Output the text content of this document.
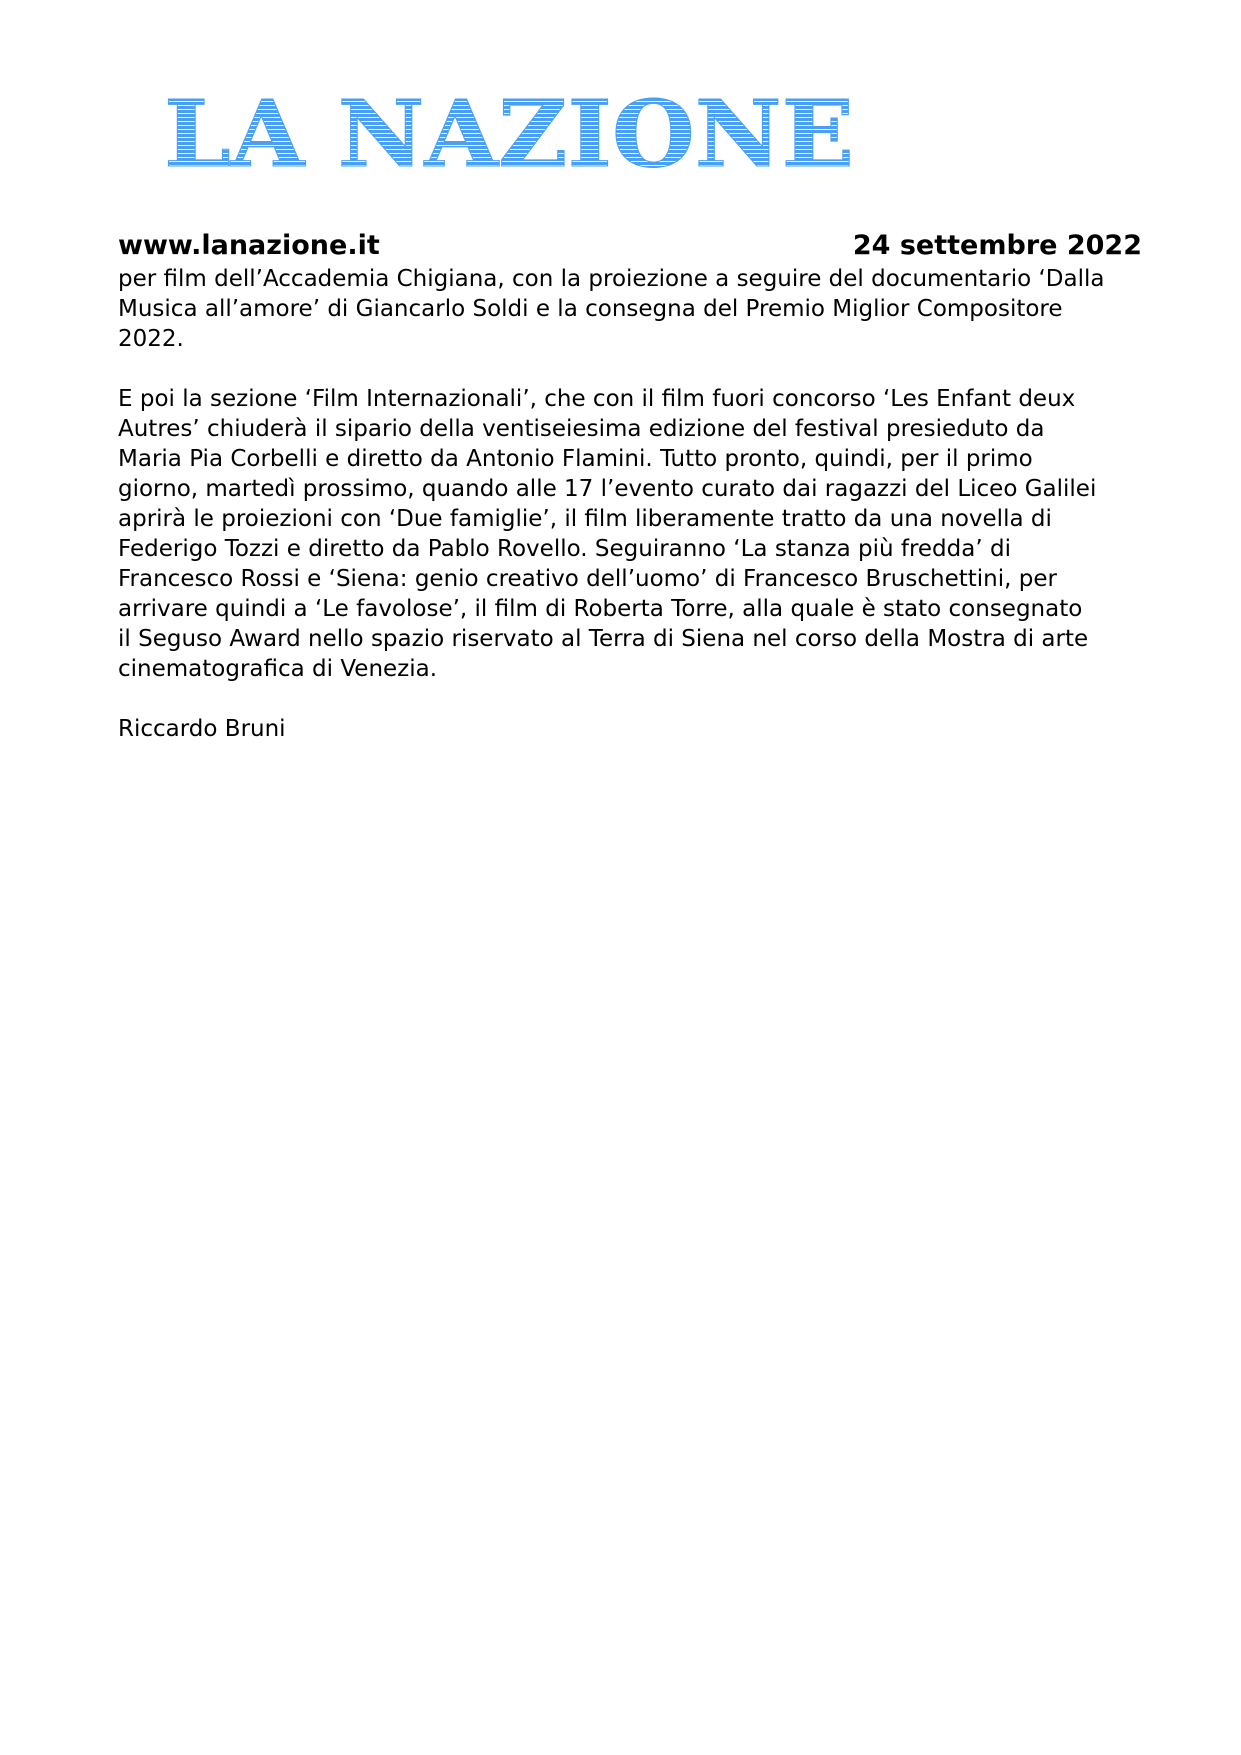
LA NAZIONE
www.lanazione.it	24 settembre 2022

per film dell’Accademia Chigiana, con la proiezione a seguire del documentario ‘Dalla

Musica all’amore’ di Giancarlo Soldi e la consegna del Premio Miglior Compositore

2022.

E poi la sezione ‘Film Internazionali’, che con il film fuori concorso ‘Les Enfant deux

Autres’ chiuderà il sipario della ventiseiesima edizione del festival presieduto da

Maria Pia Corbelli e diretto da Antonio Flamini. Tutto pronto, quindi, per il primo

giorno, martedì prossimo, quando alle 17 l’evento curato dai ragazzi del Liceo Galilei

aprirà le proiezioni con ‘Due famiglie’, il film liberamente tratto da una novella di

Federigo Tozzi e diretto da Pablo Rovello. Seguiranno ‘La stanza più fredda’ di

Francesco Rossi e ‘Siena: genio creativo dell’uomo’ di Francesco Bruschettini, per

arrivare quindi a ‘Le favolose’, il film di Roberta Torre, alla quale è stato consegnato

il Seguso Award nello spazio riservato al Terra di Siena nel corso della Mostra di arte

cinematografica di Venezia.

Riccardo Bruni
